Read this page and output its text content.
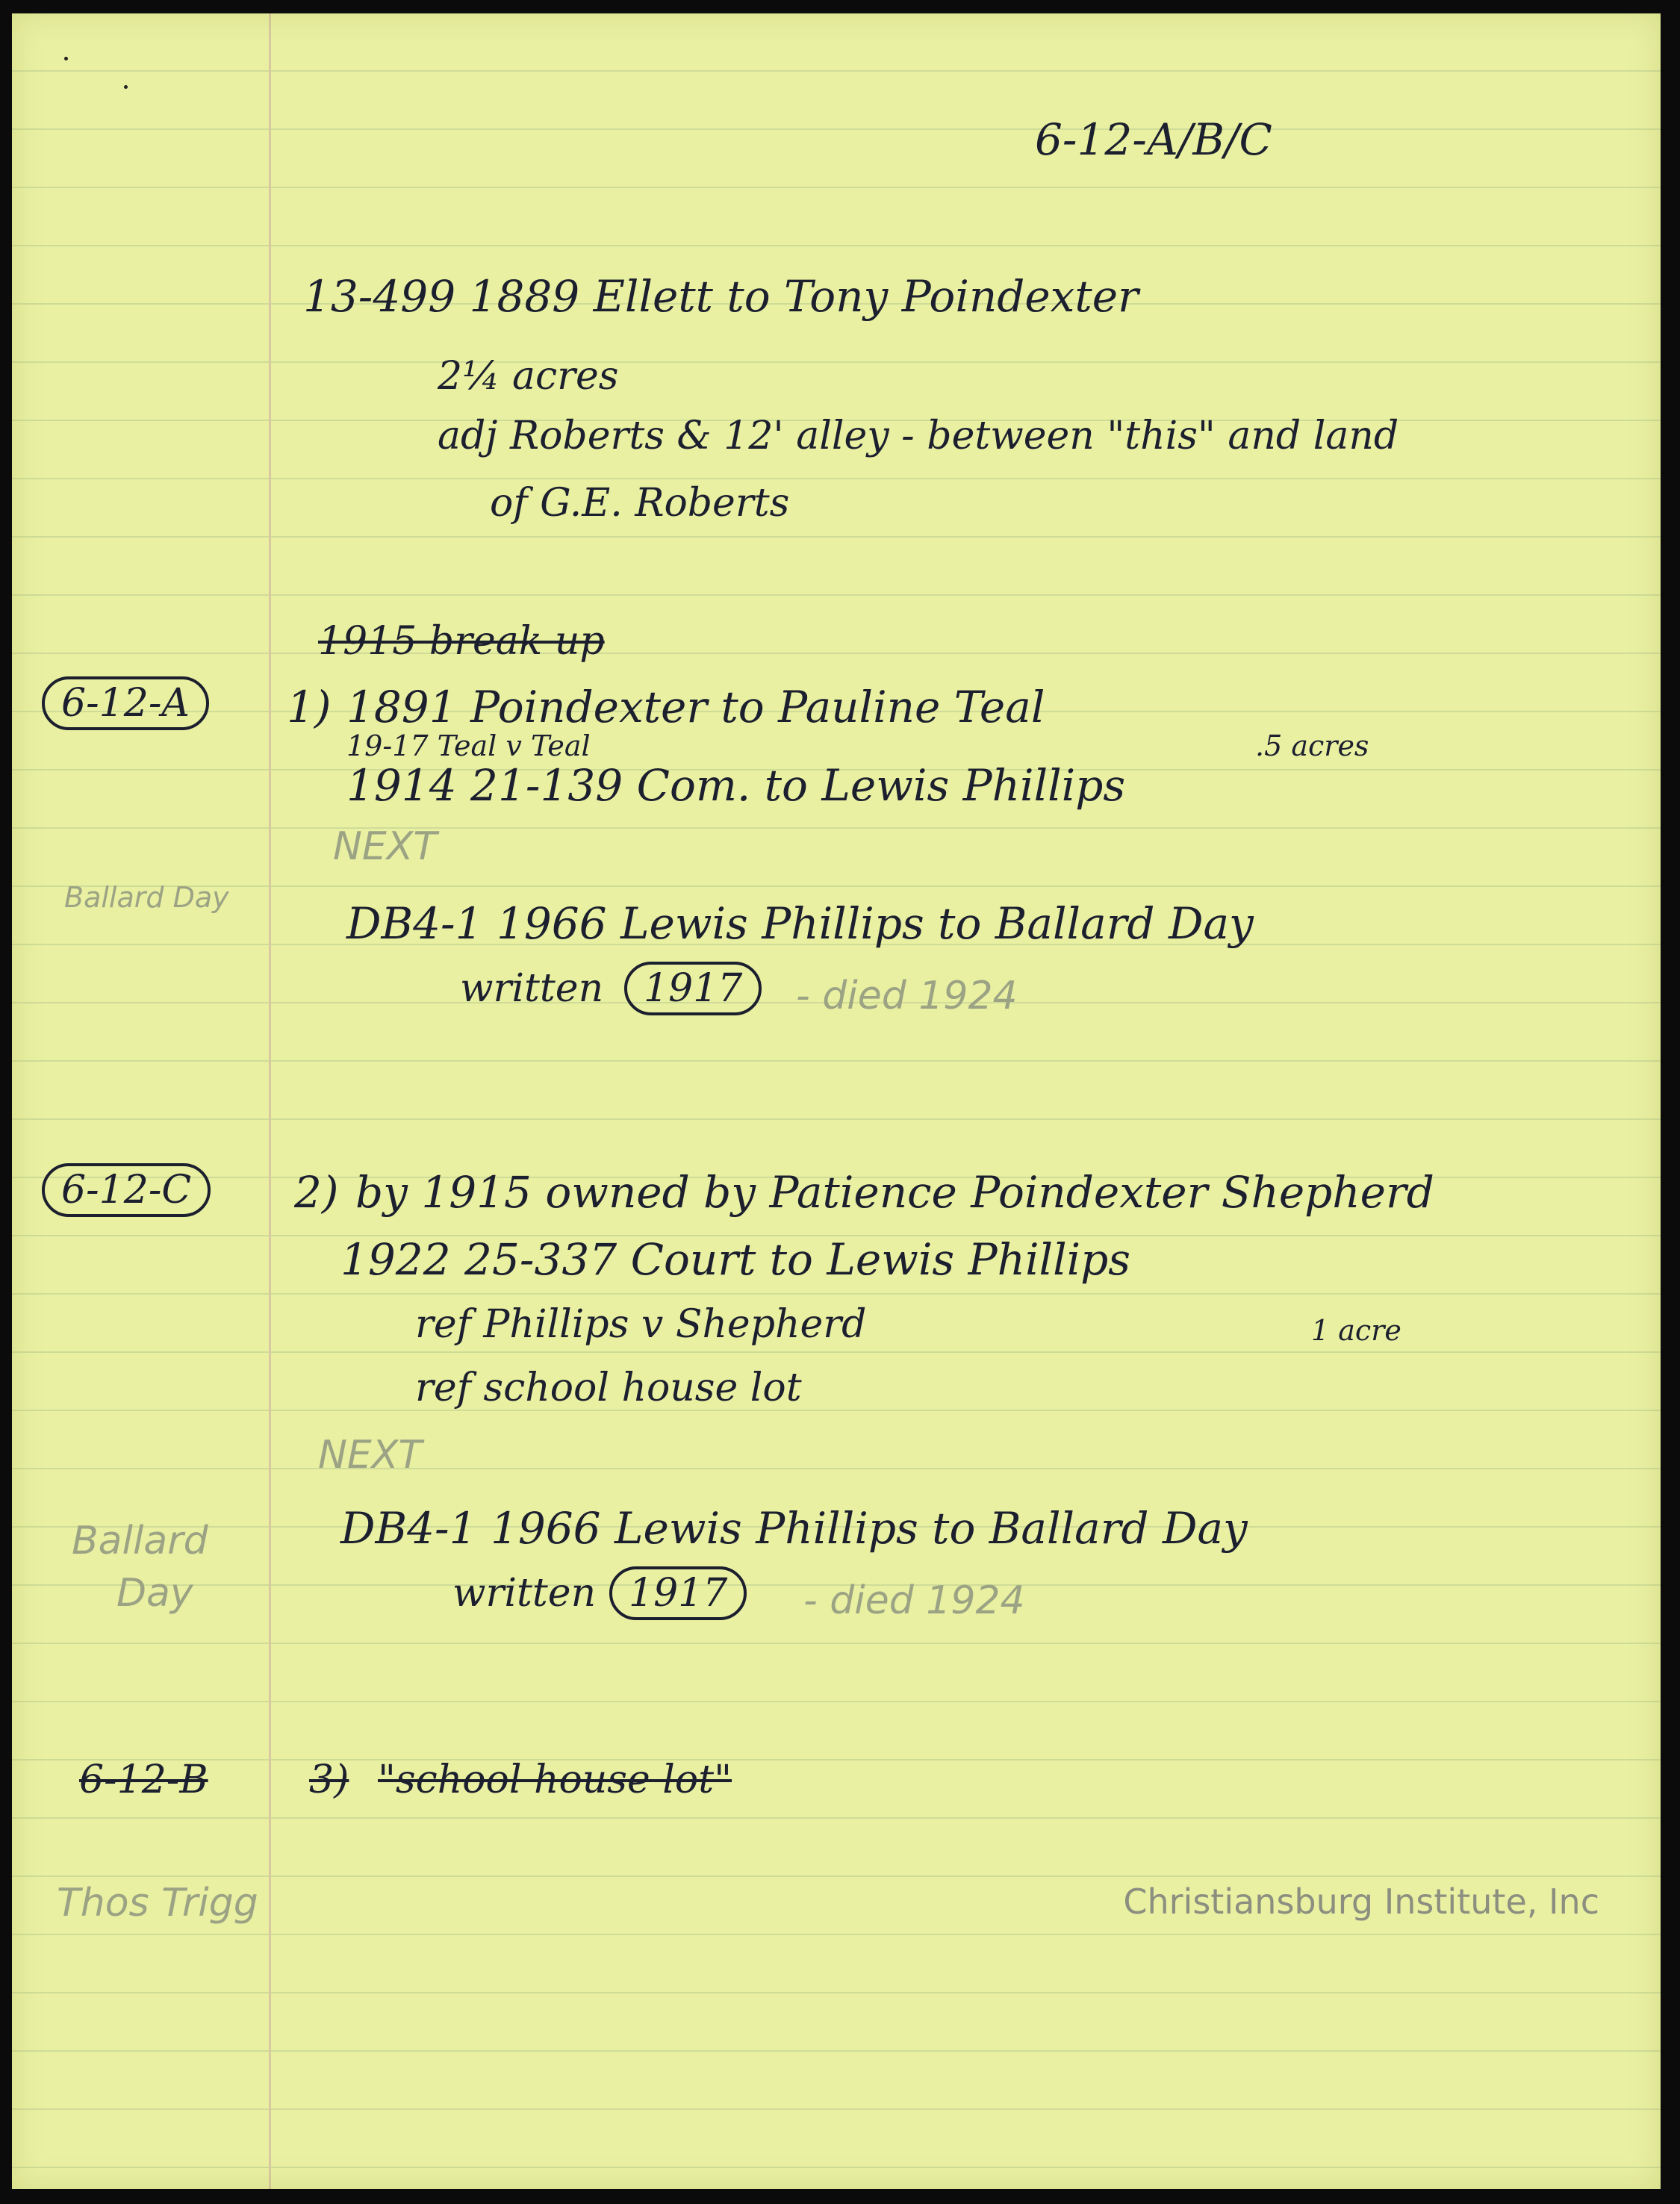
6-12-A/B/C
13-499 1889 Ellett to Tony Poindexter
2¼ acres
adj Roberts & 12' alley - between "this" and land
of G.E. Roberts
1915 break up
6-12-A	1) 1891 Poindexter to Pauline Teal
19-17 Teal v Teal	.5 acres
1914 21-139 Com. to Lewis Phillips
NEXT
Ballard Day
DB4-1 1966 Lewis Phillips to Ballard Day
written	1917	- died 1924
6-12-C	2) by 1915 owned by Patience Poindexter Shepherd
1922 25-337 Court to Lewis Phillips
ref Phillips v Shepherd	1 acre
ref school house lot
NEXT
Ballard
Day
DB4-1 1966 Lewis Phillips to Ballard Day
written 1917	- died 1924
6-12-B	3) "school house lot"
Thos Trigg	Christiansburg Institute, Inc
